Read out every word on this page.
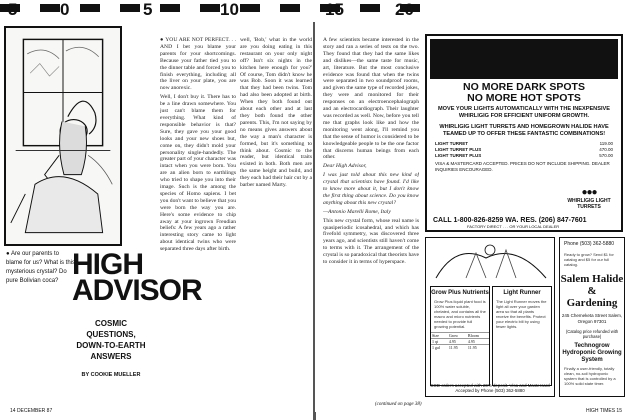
5	0	5	10	15	20
● Are our parents to blame for us? What is this mysterious crystal? Do pure Bolivian coca? HIGH ADVISOR
COSMIC QUESTIONS, DOWN-TO-EARTH ANSWERS
BY COOKIE MUELLER

● YOU ARE NOT PERFECT. . . AND I bet you blame your parents for your shortcomings. Because your father tied you to the dinner table and forced you to finish everything, including all the liver on your plate, you are now anorexic.

Well, I don't buy it. There has to be a line drawn somewhere. You just can't blame them for everything. What kind of responsible behavior is that? Sure, they gave you your good looks and your new shoes but, come on, they didn't mold your personality single-handedly. The greater part of your character was intact when you were born. You are an alien born to earthlings who tried to shape you into their image. Such is the among the species of Homo sapiens. I bet you don't want to believe that you were born the way you are. Here's some evidence to chip away at your ingrown Freudian beliefs: A few years ago a rather interesting story came to light about identical twins who were separated three days after birth.

well, 'Bob,' what in the world are you doing eating in this restaurant on your only night off? Isn't six nights in the kitchen here enough for you?' Of course, Tom didn't know he was Bob. Soon it was learned that they had been twins. Tom had also been adopted at birth. When they both found out about each other and at last they both found the other parents. This, I'm not saying by no means gives answers about the way a man's character is formed, but it's something to think about. Cosmic to the reader, but identical traits existed in both. Both men are the same height and build, and they each had their hair cut by a barber named Marty.

14 DECEMBER 87

A few scientists became interested in the story and ran a series of tests on the two. They found that they had the same likes and dislikes—the same taste for music, art, literature. But the most conclusive evidence was found that when the twins were separated in two soundproof rooms, and given the same type of recorded jokes, they were and monitored for their responses on an electroencephalograph and an electrocardiograph. Their laughter was recorded as well. Now, before you tell me that graphs look like and how the monitoring went along, I'll remind you that the sense of humor is considered to be knowledgeable people to be the one factor that discerns human beings from each other.

Dear High Advisor,

I was just told about this new kind of crystal that scientists have found. I'd like to know more about it, but I don't know the first thing about science. Do you know anything about this new crystal?

—Antonio Marelli Rome, Italy

This new crystal form, whose real name is quasiperiodic icosahedral, and which has fivefold symmetry, was discovered three years ago, and scientists still haven't come to terms with it. The arrangement of the crystal is so paradoxical that theorists have to consider it in terms of hyperspace.

(continued on page 38)
NO MORE DARK SPOTS
NO MORE HOT SPOTS
MOVE YOUR LIGHTS AUTOMATICALLY WITH THE INEXPENSIVE WHIRLIGIG FOR EFFICIENT UNIFORM GROWTH.
WHIRLIGIG LIGHT TURRETS AND HOMEGROWN HALIDE HAVE TEAMED UP TO OFFER THESE FANTASTIC COMBINATIONS!
LIGHT TURRET	119.00
LIGHT TURRET PLUS	470.00
LIGHT TURRET PLUS	570.00
VISA & MASTERCARD ACCEPTED. PRICES DO NOT INCLUDE SHIPPING. DEALER INQUIRIES ENCOURAGED.
●●●
WHIRLIGIG LIGHT TURRETS
CALL 1-800-826-8259 WA. RES. (206) 847-7601
FACTORY DIRECT . . . OR YOUR LOCAL DEALER
Grow Plus Nutrients
Grow Plus liquid plant food is 100% water soluble, chelated, and contains all the macro and micro nutrients needed to provide full growing potential.
Size	Grow	Bloom
1 qt	4.95	4.95
1 gal	11.95	11.95
Light Runner
The Light Runner moves the light all over your garden area so that all plants receive the benefits. Protect your electric bill by using fewer lights.
COD orders accepted with 20% deposit. Visa and Mastercard Accepted by Phone (503) 362-5880
Phone (503) 362-5880
Ready to grow? Send $1 for catalog and $5 for our full catalog.
Salem Halide
&
Gardening
245 Chemeketa Street Salem, Oregon 97301
(Catalog price refunded with purchase)
Technogrow Hydroponic Growing System
Finally a user-friendly, totally clean, no-soil hydroponic system that is controlled by a 100% solid state timer.
HIGH TIMES 15
